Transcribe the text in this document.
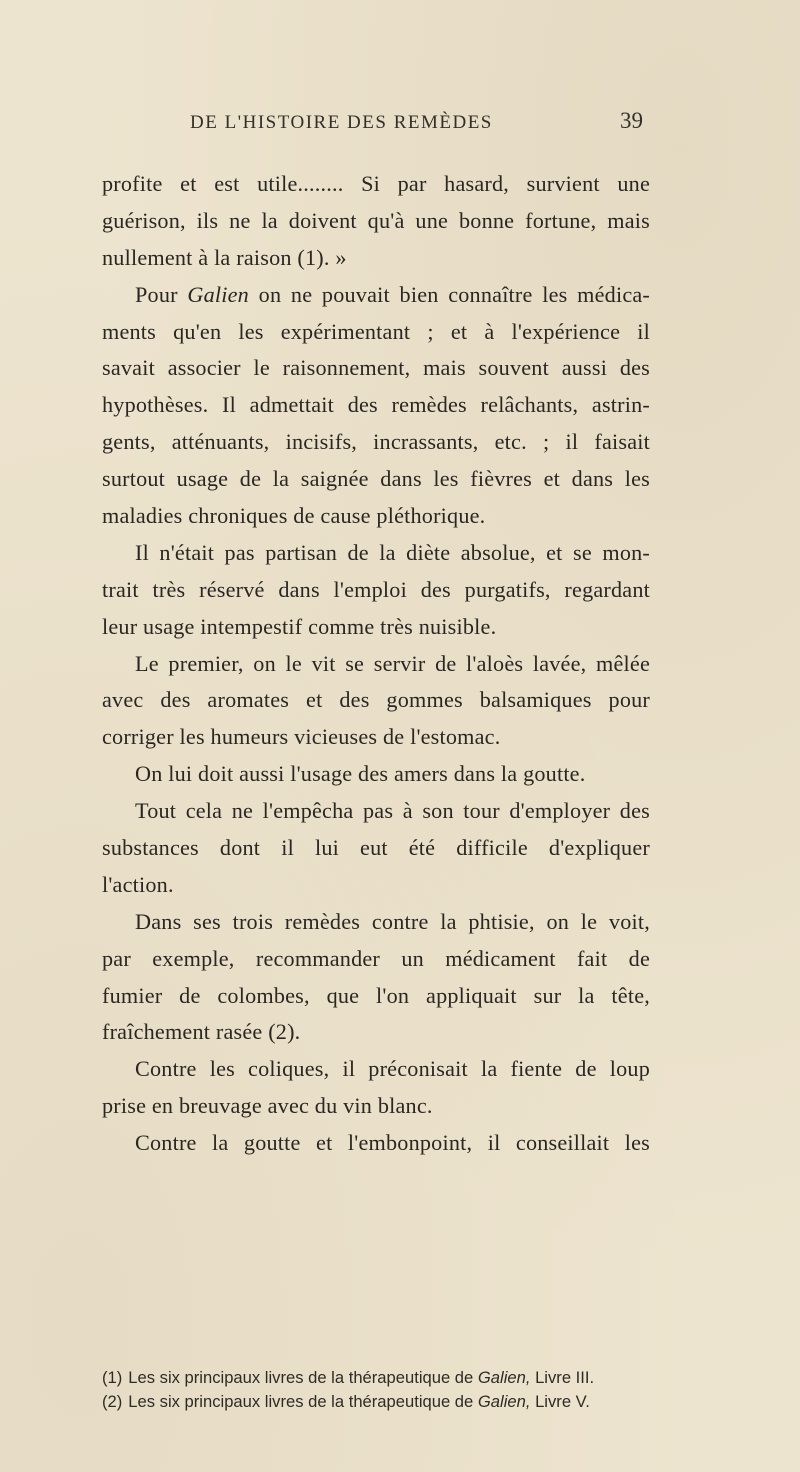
DE L'HISTOIRE DES REMÈDES	39
profite et est utile........ Si par hasard, survient une
guérison, ils ne la doivent qu'à une bonne fortune, mais
nullement à la raison (1). »
Pour Galien on ne pouvait bien connaître les médica-
ments qu'en les expérimentant ; et à l'expérience il
savait associer le raisonnement, mais souvent aussi des
hypothèses. Il admettait des remèdes relâchants, astrin-
gents, atténuants, incisifs, incrassants, etc. ; il faisait
surtout usage de la saignée dans les fièvres et dans les
maladies chroniques de cause pléthorique.
Il n'était pas partisan de la diète absolue, et se mon-
trait très réservé dans l'emploi des purgatifs, regardant
leur usage intempestif comme très nuisible.
Le premier, on le vit se servir de l'aloès lavée, mêlée
avec des aromates et des gommes balsamiques pour
corriger les humeurs vicieuses de l'estomac.
On lui doit aussi l'usage des amers dans la goutte.
Tout cela ne l'empêcha pas à son tour d'employer des
substances dont il lui eut été difficile d'expliquer
l'action.
Dans ses trois remèdes contre la phtisie, on le voit,
par exemple, recommander un médicament fait de
fumier de colombes, que l'on appliquait sur la tête,
fraîchement rasée (2).
Contre les coliques, il préconisait la fiente de loup
prise en breuvage avec du vin blanc.
Contre la goutte et l'embonpoint, il conseillait les
(1) Les six principaux livres de la thérapeutique de Galien, Livre III.
(2) Les six principaux livres de la thérapeutique de Galien, Livre V.
